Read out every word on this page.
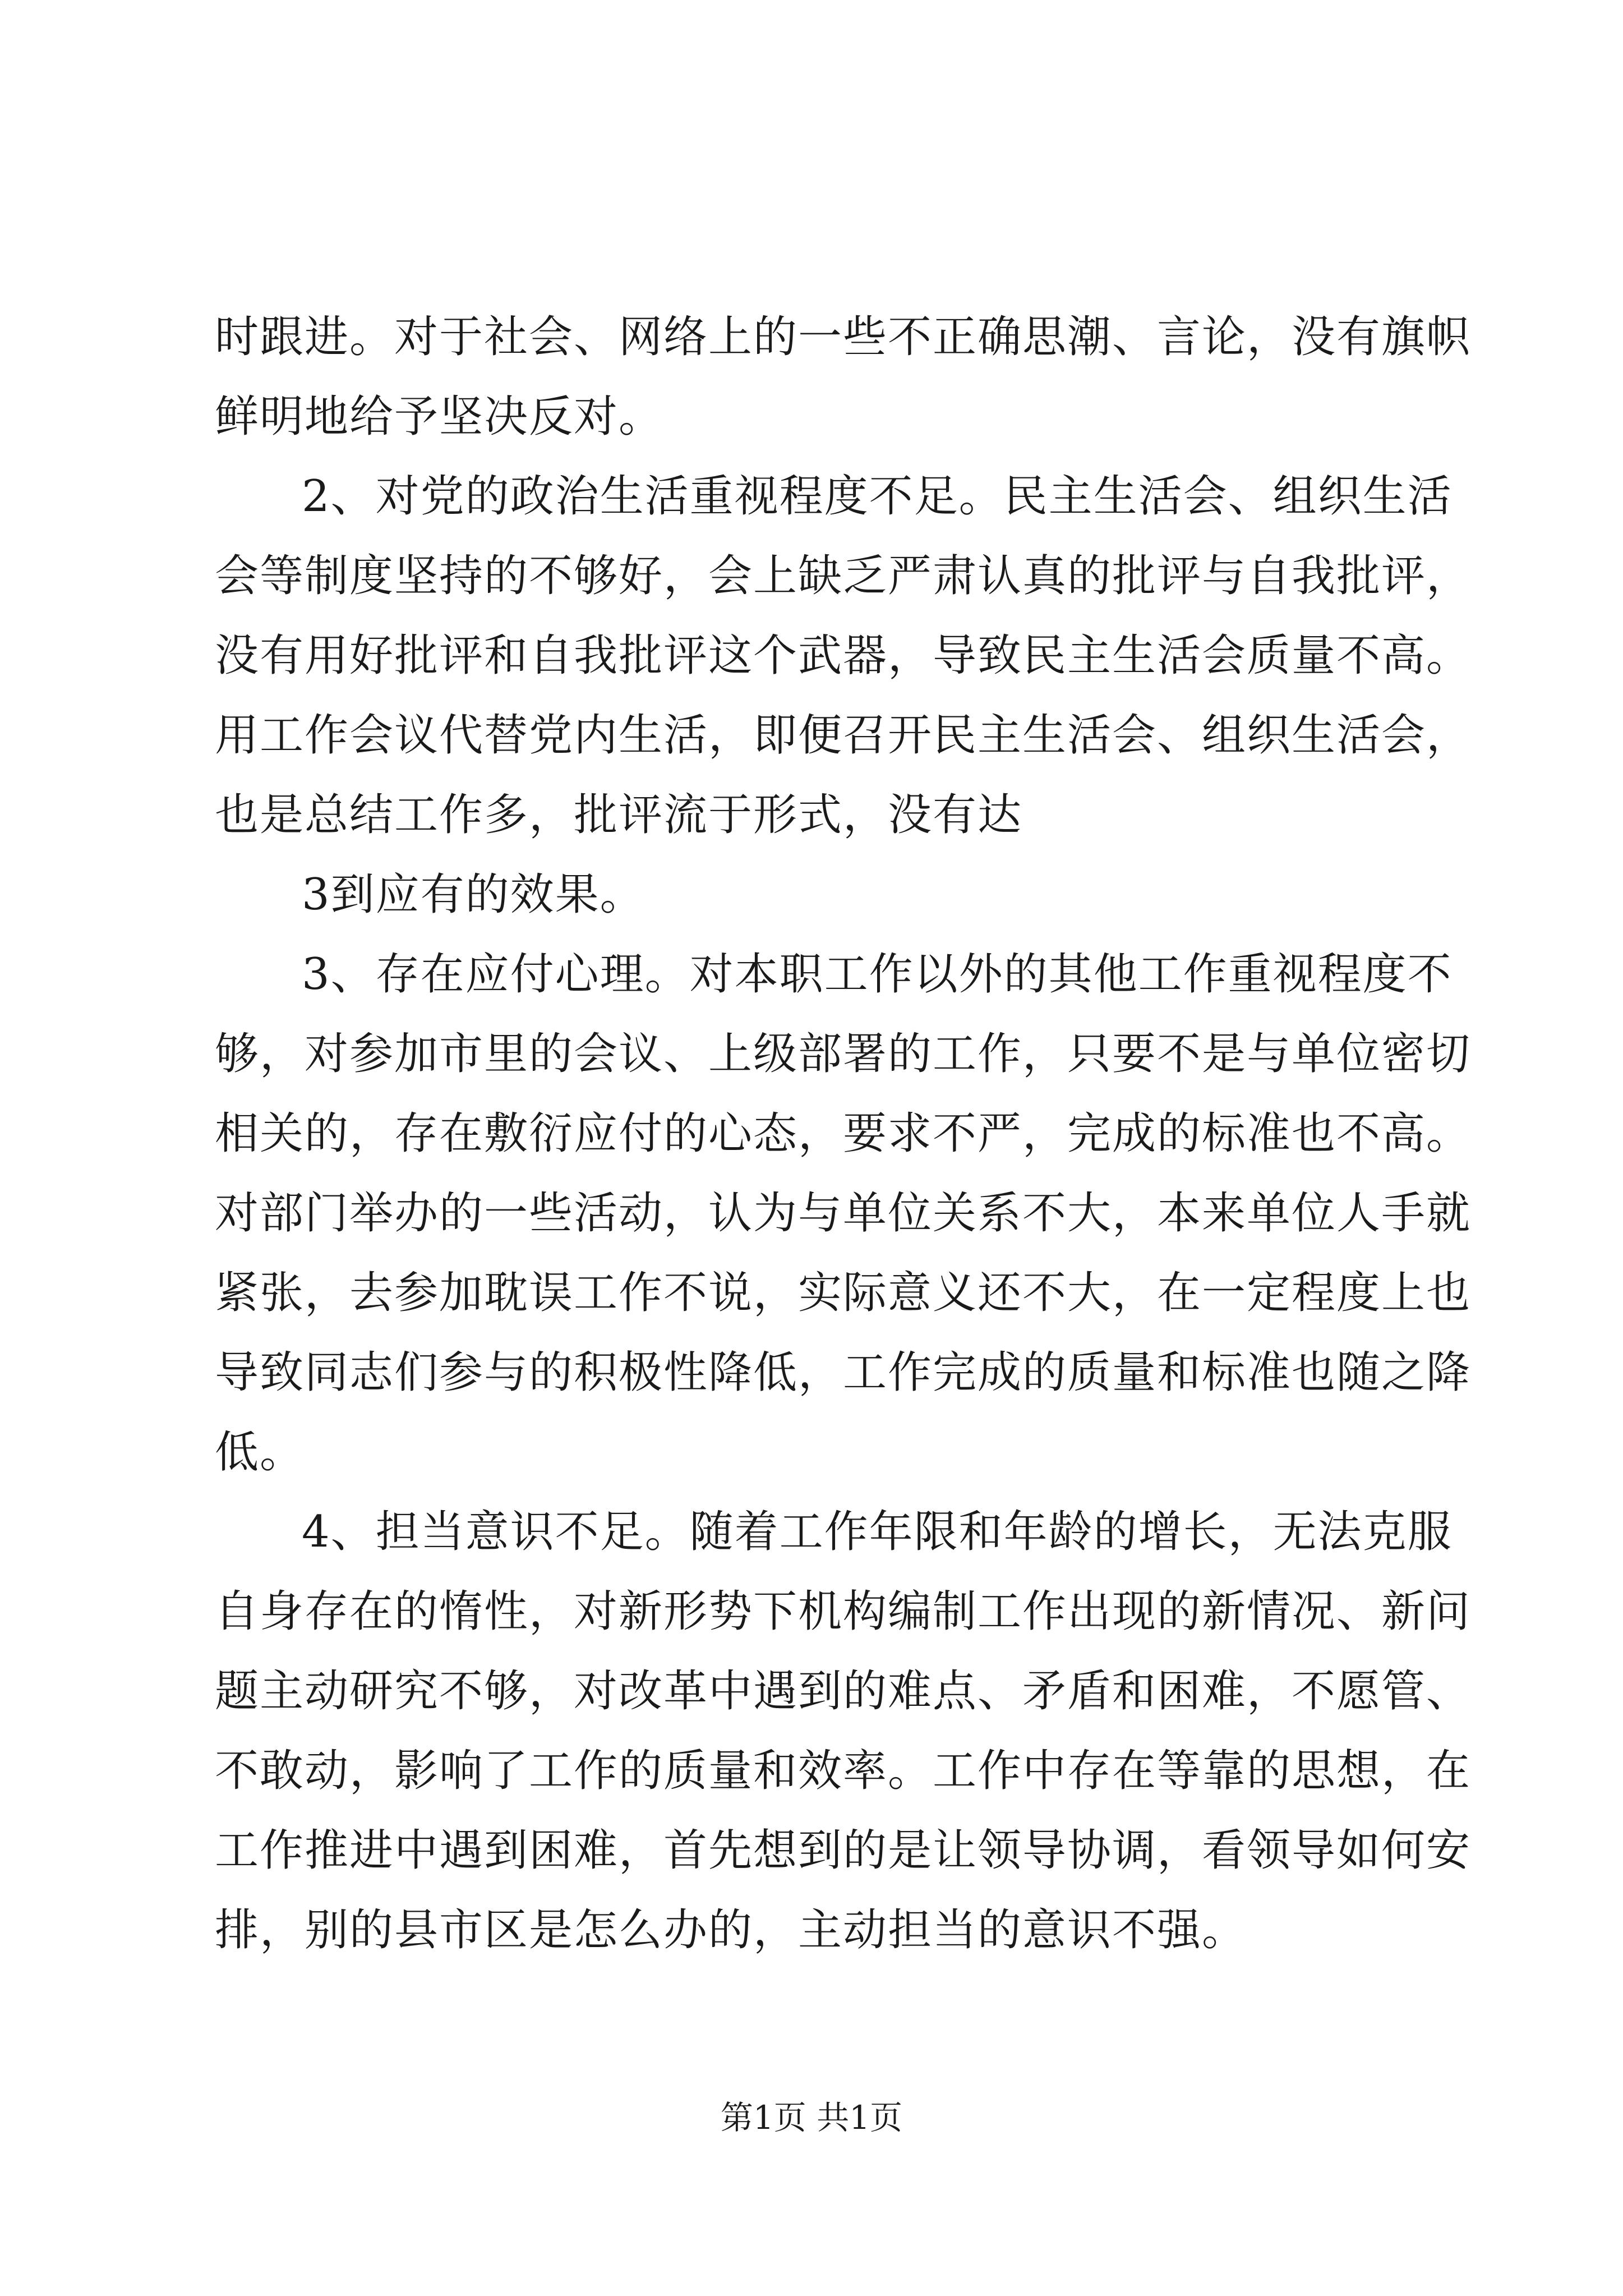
时跟进。对于社会、网络上的一些不正确思潮、言论，没有旗帜
鲜明地给予坚决反对。
2、对党的政治生活重视程度不足。民主生活会、组织生活
会等制度坚持的不够好，会上缺乏严肃认真的批评与自我批评，
没有用好批评和自我批评这个武器，导致民主生活会质量不高。
用工作会议代替党内生活，即便召开民主生活会、组织生活会，
也是总结工作多，批评流于形式，没有达
3到应有的效果。
3、存在应付心理。对本职工作以外的其他工作重视程度不
够，对参加市里的会议、上级部署的工作，只要不是与单位密切
相关的，存在敷衍应付的心态，要求不严，完成的标准也不高。
对部门举办的一些活动，认为与单位关系不大，本来单位人手就
紧张，去参加耽误工作不说，实际意义还不大，在一定程度上也
导致同志们参与的积极性降低，工作完成的质量和标准也随之降
低。
4、担当意识不足。随着工作年限和年龄的增长，无法克服
自身存在的惰性，对新形势下机构编制工作出现的新情况、新问
题主动研究不够，对改革中遇到的难点、矛盾和困难，不愿管、
不敢动，影响了工作的质量和效率。工作中存在等靠的思想，在
工作推进中遇到困难，首先想到的是让领导协调，看领导如何安
排，别的县市区是怎么办的，主动担当的意识不强。
第1页 共1页
